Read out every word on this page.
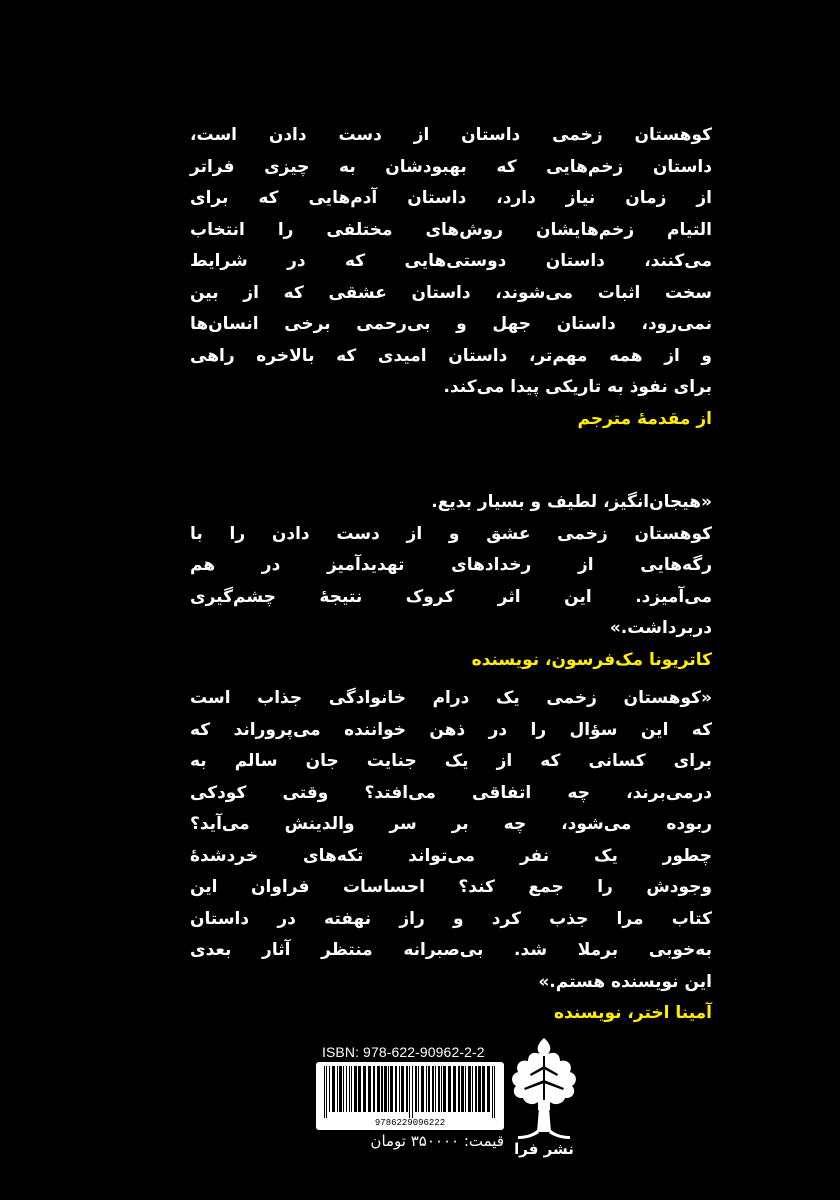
کوهستان زخمی داستان از دست دادن است،
داستان زخم‌هایی که بهبودشان به چیزی فراتر
از زمان نیاز دارد، داستان آدم‌هایی که برای
التیام زخم‌هایشان روش‌های مختلفی را انتخاب
می‌کنند، داستان دوستی‌هایی که در شرایط
سخت اثبات می‌شوند، داستان عشقی که از بین
نمی‌رود، داستان جهل و بی‌رحمی برخی انسان‌ها
و از همه مهم‌تر، داستان امیدی که بالاخره راهی
برای نفوذ به تاریکی پیدا می‌کند.
از مقدمهٔ مترجم
«هیجان‌انگیز، لطیف و بسیار بدیع.
کوهستان زخمی عشق و از دست دادن را با
رگه‌هایی از رخدادهای تهدیدآمیز در هم
می‌آمیزد. این اثر کروک نتیجهٔ چشم‌گیری
دربرداشت.»
کاتریونا مک‌فرسون، نویسنده
«کوهستان زخمی یک درام خانوادگی جذاب است
که این سؤال را در ذهن خواننده می‌پروراند که
برای کسانی که از یک جنایت جان سالم به
درمی‌برند، چه اتفاقی می‌افتد؟ وقتی کودکی
ربوده می‌شود، چه بر سر والدینش می‌آید؟
چطور یک نفر می‌تواند تکه‌های خردشدهٔ
وجودش را جمع کند؟ احساسات فراوان این
کتاب مرا جذب کرد و راز نهفته در داستان
به‌خوبی برملا شد. بی‌صبرانه منتظر آثار بعدی
این نویسنده هستم.»
آمینا اختر، نویسنده
ISBN: 978-622-90962-2-2
9786229096222
قیمت: ۳۵۰۰۰۰ تومان نشر فرا
